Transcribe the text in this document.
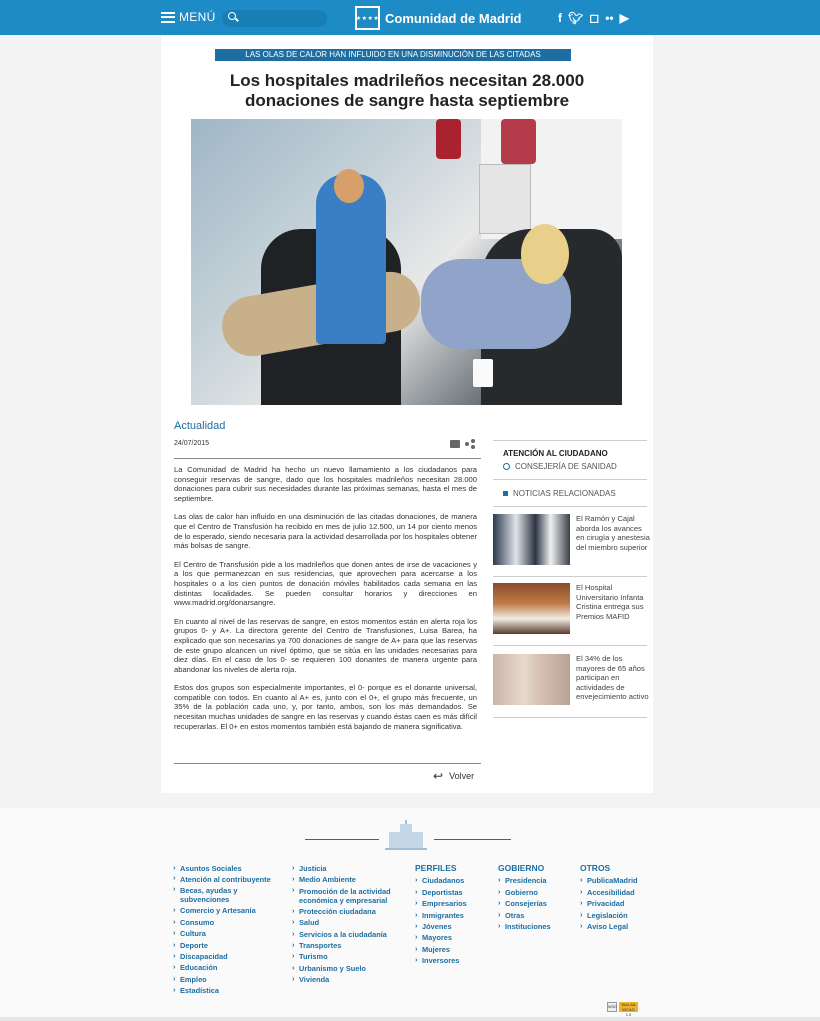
MENÚ	★★★★ Comunidad de Madrid	f 🐦︎ ◻ •• ▶
LAS OLAS DE CALOR HAN INFLUIDO EN UNA DISMINUCIÓN DE LAS CITADAS
Los hospitales madrileños necesitan 28.000 donaciones de sangre hasta septiembre
Actualidad
24/07/2015

La Comunidad de Madrid ha hecho un nuevo llamamiento a los ciudadanos para conseguir reservas de sangre, dado que los hospitales madrileños necesitan 28.000 donaciones para cubrir sus necesidades durante las próximas semanas, hasta el mes de septiembre.

Las olas de calor han influido en una disminución de las citadas donaciones, de manera que el Centro de Transfusión ha recibido en mes de julio 12.500, un 14 por ciento menos de lo esperado, siendo necesaria para la actividad desarrollada por los hospitales obtener más bolsas de sangre.

El Centro de Transfusión pide a los madrileños que donen antes de irse de vacaciones y a los que permanezcan en sus residencias, que aprovechen para acercarse a los hospitales o a los cien puntos de donación móviles habilitados cada semana en las distintas localidades. Se pueden consultar horarios y direcciones en www.madrid.org/donarsangre.

En cuanto al nivel de las reservas de sangre, en estos momentos están en alerta roja los grupos 0- y A+. La directora gerente del Centro de Transfusiones, Luisa Barea, ha explicado que son necesarias ya 700 donaciones de sangre de A+ para que las reservas de este grupo alcancen un nivel óptimo, que se sitúa en las unidades necesarias para diez días. En el caso de los 0- se requieren 100 donantes de manera urgente para abandonar los niveles de alerta roja.

Estos dos grupos son especialmente importantes, el 0- porque es el donante universal, compatible con todos. En cuanto al A+ es, junto con el 0+, el grupo más frecuente, un 35% de la población cada uno, y, por tanto, ambos, son los más demandados. Se necesitan muchas unidades de sangre en las reservas y cuando éstas caen es más difícil recuperarlas. El 0+ en estos momentos también está bajando de manera significativa.

↩ Volver
ATENCIÓN AL CIUDADANO
CONSEJERÍA DE SANIDAD
NOTICIAS RELACIONADAS
El Ramón y Cajal aborda los avances en cirugía y anestesia del miembro superior
El Hospital Universitario Infanta Cristina entrega sus Premios MAFID
El 34% de los mayores de 65 años participan en actividades de envejecimiento activo
› Asuntos Sociales
› Atención al contribuyente
› Becas, ayudas y subvenciones
› Comercio y Artesanía
› Consumo
› Cultura
› Deporte
› Discapacidad
› Educación
› Empleo
› Estadística
› Justicia
› Medio Ambiente
› Promoción de la actividad económica y empresarial
› Protección ciudadana
› Salud
› Servicios a la ciudadanía
› Transportes
› Turismo
› Urbanismo y Suelo
› Vivienda
PERFILES
› Ciudadanos
› Deportistas
› Empresarios
› Inmigrantes
› Jóvenes
› Mayores
› Mujeres
› Inversores
GOBIERNO
› Presidencia
› Gobierno
› Consejerías
› Otras
› Instituciones
OTROS
› PublicaMadrid
› Accesibilidad
› Privacidad
› Legislación
› Aviso Legal
W3C	WAI-AA WCAG 1.0
